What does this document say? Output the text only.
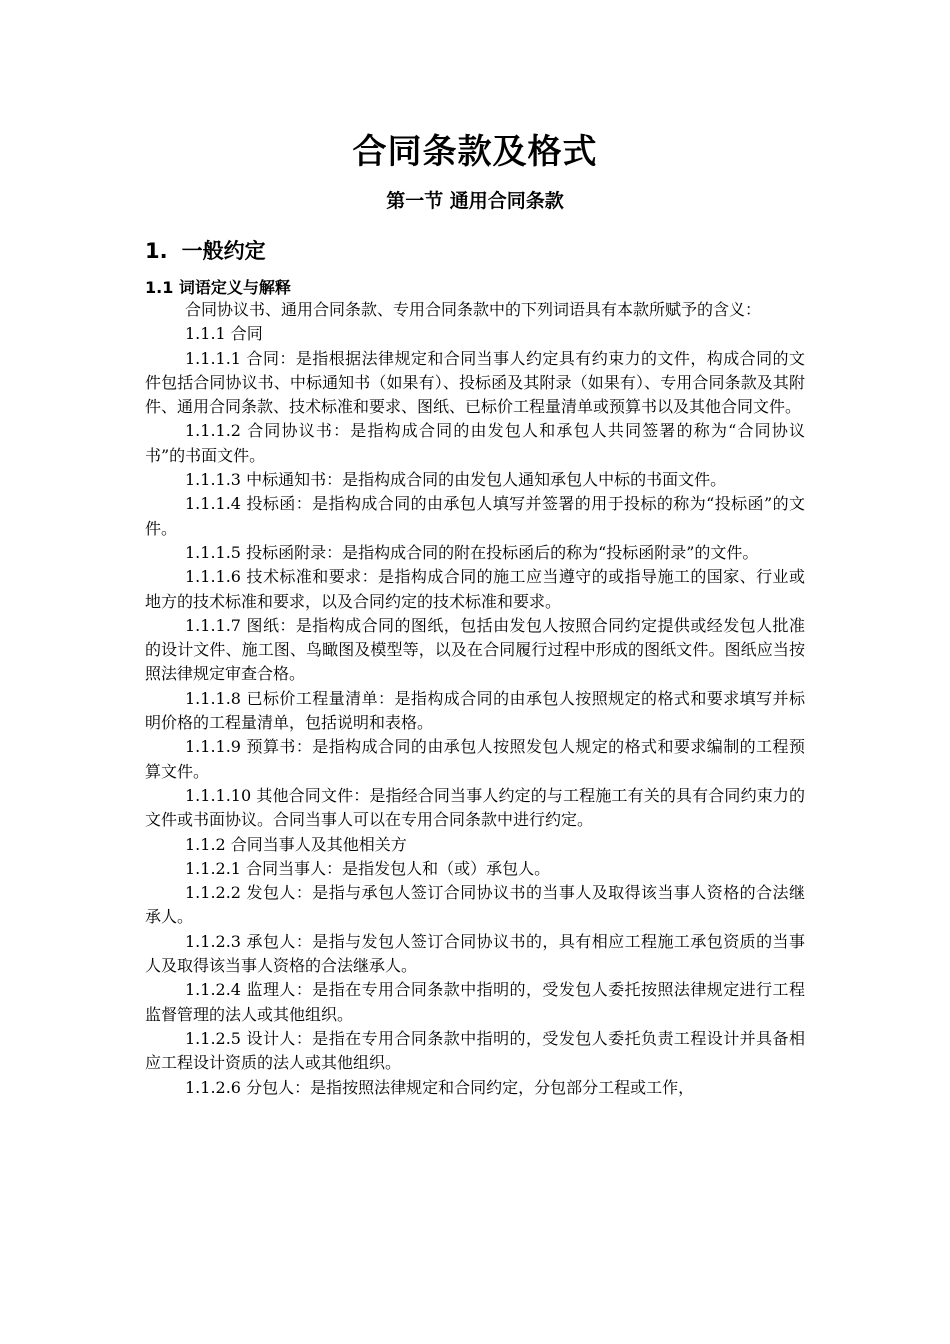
合同条款及格式
第一节 通用合同条款
1. 一般约定
1.1 词语定义与解释

合同协议书、通用合同条款、专用合同条款中的下列词语具有本款所赋予的含义：

1.1.1 合同

1.1.1.1 合同：是指根据法律规定和合同当事人约定具有约束力的文件，构成合同的文件包括合同协议书、中标通知书（如果有）、投标函及其附录（如果有）、专用合同条款及其附件、通用合同条款、技术标准和要求、图纸、已标价工程量清单或预算书以及其他合同文件。

1.1.1.2 合同协议书：是指构成合同的由发包人和承包人共同签署的称为“合同协议书”的书面文件。

1.1.1.3 中标通知书：是指构成合同的由发包人通知承包人中标的书面文件。

1.1.1.4 投标函：是指构成合同的由承包人填写并签署的用于投标的称为“投标函”的文件。

1.1.1.5 投标函附录：是指构成合同的附在投标函后的称为“投标函附录”的文件。

1.1.1.6 技术标准和要求：是指构成合同的施工应当遵守的或指导施工的国家、行业或地方的技术标准和要求，以及合同约定的技术标准和要求。

1.1.1.7 图纸：是指构成合同的图纸，包括由发包人按照合同约定提供或经发包人批准的设计文件、施工图、鸟瞰图及模型等，以及在合同履行过程中形成的图纸文件。图纸应当按照法律规定审查合格。

1.1.1.8 已标价工程量清单：是指构成合同的由承包人按照规定的格式和要求填写并标明价格的工程量清单，包括说明和表格。

1.1.1.9 预算书：是指构成合同的由承包人按照发包人规定的格式和要求编制的工程预算文件。

1.1.1.10 其他合同文件：是指经合同当事人约定的与工程施工有关的具有合同约束力的文件或书面协议。合同当事人可以在专用合同条款中进行约定。

1.1.2 合同当事人及其他相关方

1.1.2.1 合同当事人：是指发包人和（或）承包人。

1.1.2.2 发包人：是指与承包人签订合同协议书的当事人及取得该当事人资格的合法继承人。

1.1.2.3 承包人：是指与发包人签订合同协议书的，具有相应工程施工承包资质的当事人及取得该当事人资格的合法继承人。

1.1.2.4 监理人：是指在专用合同条款中指明的，受发包人委托按照法律规定进行工程监督管理的法人或其他组织。

1.1.2.5 设计人：是指在专用合同条款中指明的，受发包人委托负责工程设计并具备相应工程设计资质的法人或其他组织。

1.1.2.6 分包人：是指按照法律规定和合同约定，分包部分工程或工作，
